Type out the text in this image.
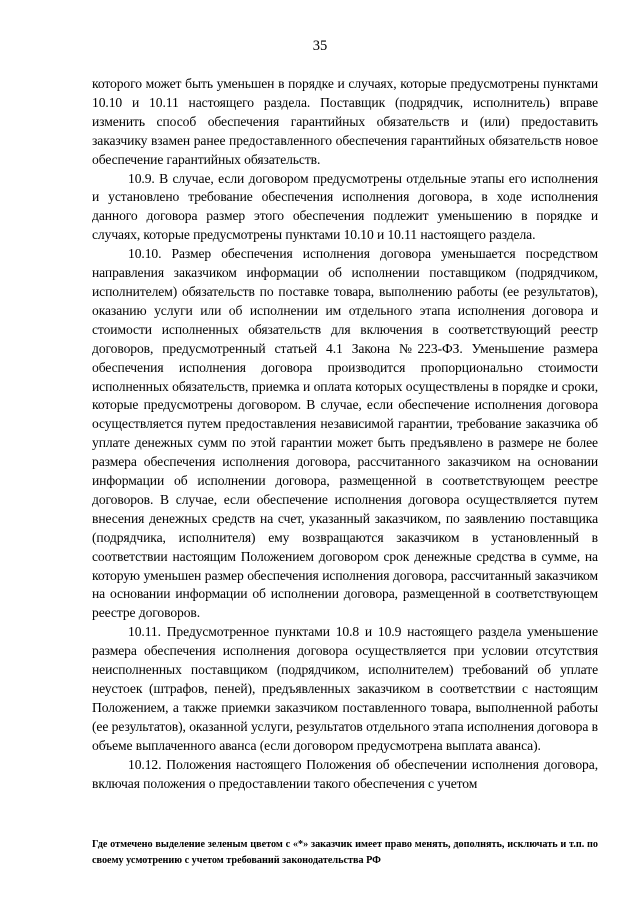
35

которого может быть уменьшен в порядке и случаях, которые предусмотрены пунктами 10.10 и 10.11 настоящего раздела. Поставщик (подрядчик, исполнитель) вправе изменить способ обеспечения гарантийных обязательств и (или) предоставить заказчику взамен ранее предоставленного обеспечения гарантийных обязательств новое обеспечение гарантийных обязательств.

10.9. В случае, если договором предусмотрены отдельные этапы его исполнения и установлено требование обеспечения исполнения договора, в ходе исполнения данного договора размер этого обеспечения подлежит уменьшению в порядке и случаях, которые предусмотрены пунктами 10.10 и 10.11 настоящего раздела.

10.10. Размер обеспечения исполнения договора уменьшается посредством направления заказчиком информации об исполнении поставщиком (подрядчиком, исполнителем) обязательств по поставке товара, выполнению работы (ее результатов), оказанию услуги или об исполнении им отдельного этапа исполнения договора и стоимости исполненных обязательств для включения в соответствующий реестр договоров, предусмотренный статьей 4.1 Закона №223-ФЗ. Уменьшение размера обеспечения исполнения договора производится пропорционально стоимости исполненных обязательств, приемка и оплата которых осуществлены в порядке и сроки, которые предусмотрены договором. В случае, если обеспечение исполнения договора осуществляется путем предоставления независимой гарантии, требование заказчика об уплате денежных сумм по этой гарантии может быть предъявлено в размере не более размера обеспечения исполнения договора, рассчитанного заказчиком на основании информации об исполнении договора, размещенной в соответствующем реестре договоров. В случае, если обеспечение исполнения договора осуществляется путем внесения денежных средств на счет, указанный заказчиком, по заявлению поставщика (подрядчика, исполнителя) ему возвращаются заказчиком в установленный в соответствии настоящим Положением договором срок денежные средства в сумме, на которую уменьшен размер обеспечения исполнения договора, рассчитанный заказчиком на основании информации об исполнении договора, размещенной в соответствующем реестре договоров.

10.11. Предусмотренное пунктами 10.8 и 10.9 настоящего раздела уменьшение размера обеспечения исполнения договора осуществляется при условии отсутствия неисполненных поставщиком (подрядчиком, исполнителем) требований об уплате неустоек (штрафов, пеней), предъявленных заказчиком в соответствии с настоящим Положением, а также приемки заказчиком поставленного товара, выполненной работы (ее результатов), оказанной услуги, результатов отдельного этапа исполнения договора в объеме выплаченного аванса (если договором предусмотрена выплата аванса).

10.12. Положения настоящего Положения об обеспечении исполнения договора, включая положения о предоставлении такого обеспечения с учетом

Где отмечено выделение зеленым цветом с «*» заказчик имеет право менять, дополнять, исключать и т.п. по своему усмотрению с учетом требований законодательства РФ
